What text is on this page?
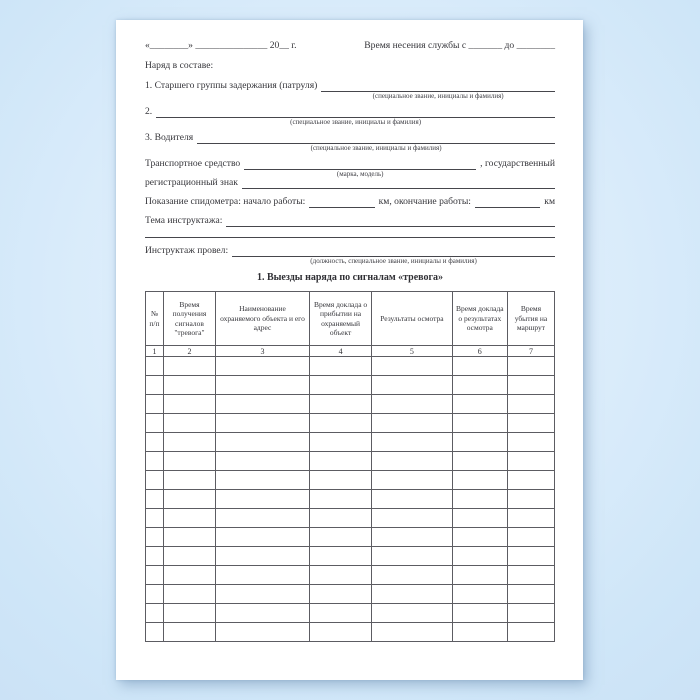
«________» _______________ 20__ г.	Время несения службы с _______ до ________
Наряд в составе:
1. Старшего группы задержания (патруля)
(специальное звание, инициалы и фамилия)
2.
(специальное звание, инициалы и фамилия)
3. Водителя
(специальное звание, инициалы и фамилия)
Транспортное средство
(марка, модель)
, государственный
регистрационный знак
Показание спидометра: начало работы:	км, окончание работы:	км
Тема инструктажа:
Инструктаж провел:
(должность, специальное звание, инициалы и фамилия)
1. Выезды наряда по сигналам «тревога»
№ п/п	Время получения сигналов "тревога"	Наименование охраняемого объекта и его адрес	Время доклада о прибытии на охраняемый объект	Результаты осмотра	Время доклада о результатах осмотра	Время убытия на маршрут
1	2	3	4	5	6	7
